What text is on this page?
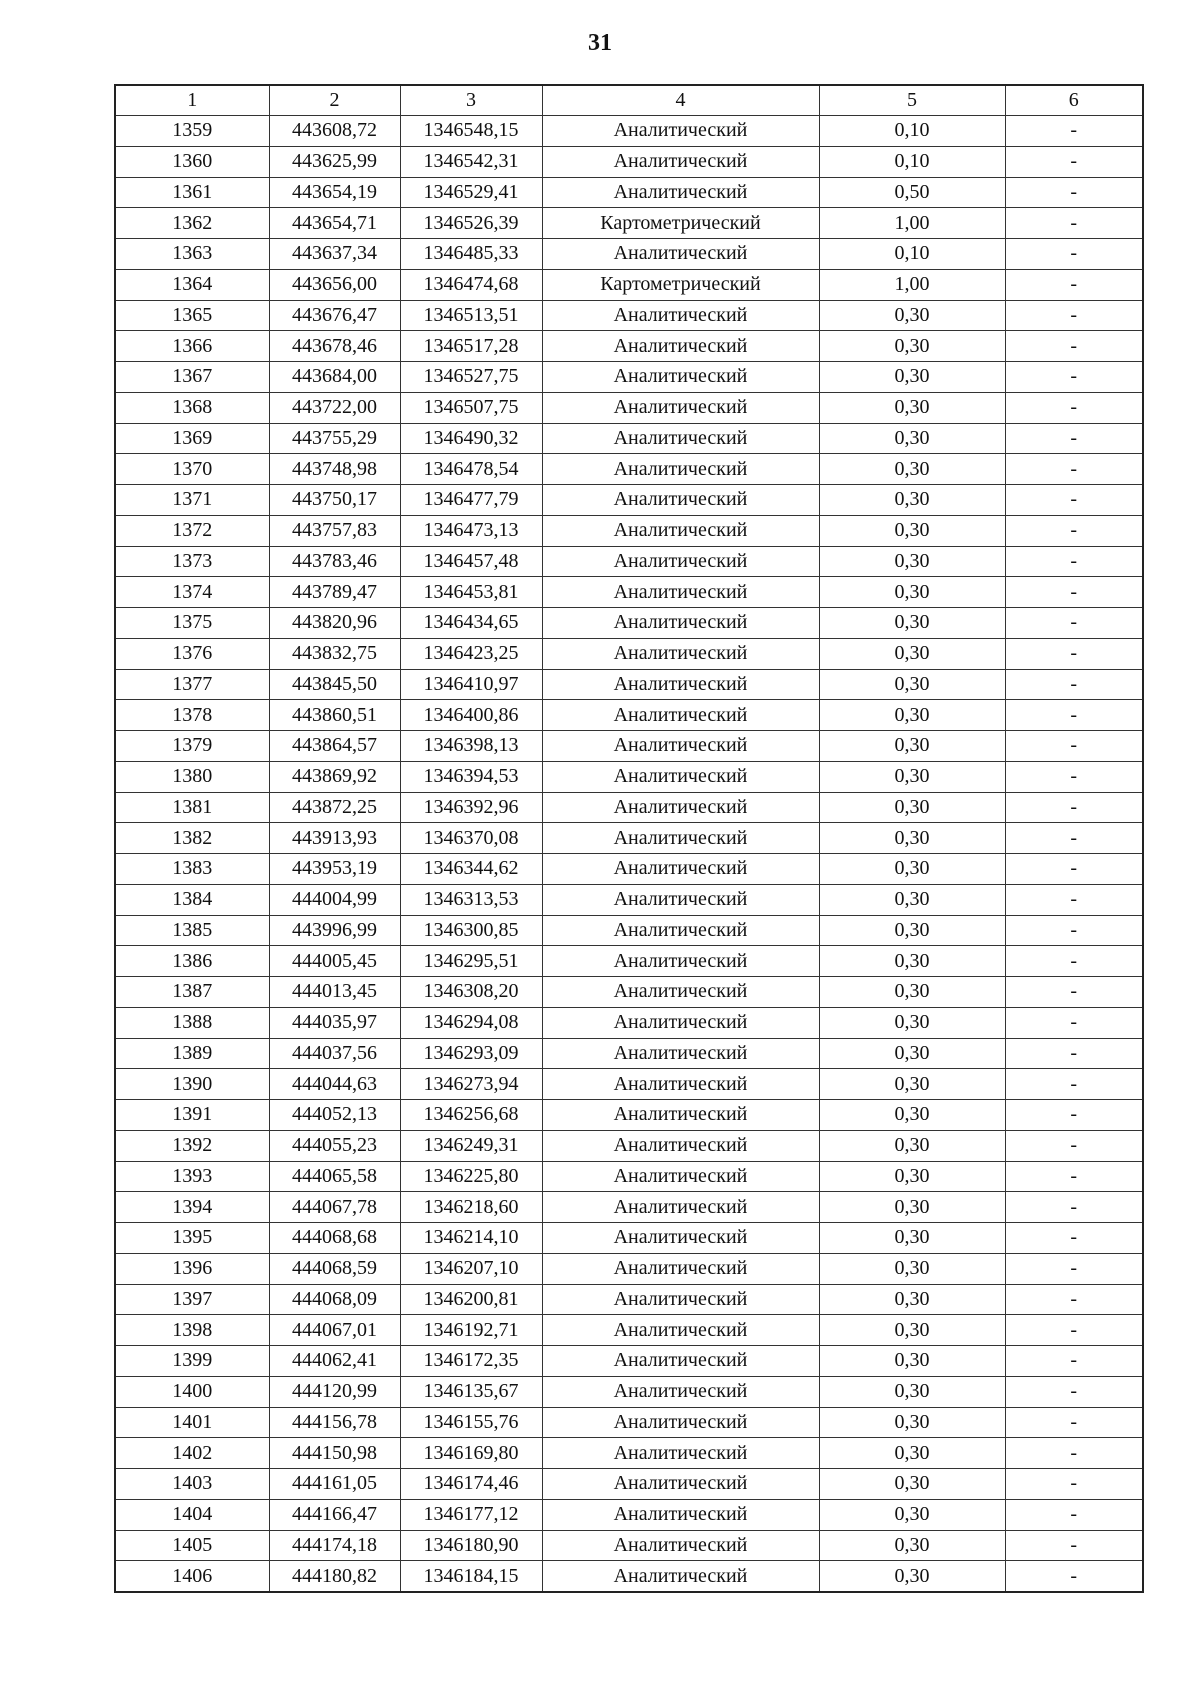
31
1	2	3	4	5	6
1359	443608,72	1346548,15	Аналитический	0,10	-
1360	443625,99	1346542,31	Аналитический	0,10	-
1361	443654,19	1346529,41	Аналитический	0,50	-
1362	443654,71	1346526,39	Картометрический	1,00	-
1363	443637,34	1346485,33	Аналитический	0,10	-
1364	443656,00	1346474,68	Картометрический	1,00	-
1365	443676,47	1346513,51	Аналитический	0,30	-
1366	443678,46	1346517,28	Аналитический	0,30	-
1367	443684,00	1346527,75	Аналитический	0,30	-
1368	443722,00	1346507,75	Аналитический	0,30	-
1369	443755,29	1346490,32	Аналитический	0,30	-
1370	443748,98	1346478,54	Аналитический	0,30	-
1371	443750,17	1346477,79	Аналитический	0,30	-
1372	443757,83	1346473,13	Аналитический	0,30	-
1373	443783,46	1346457,48	Аналитический	0,30	-
1374	443789,47	1346453,81	Аналитический	0,30	-
1375	443820,96	1346434,65	Аналитический	0,30	-
1376	443832,75	1346423,25	Аналитический	0,30	-
1377	443845,50	1346410,97	Аналитический	0,30	-
1378	443860,51	1346400,86	Аналитический	0,30	-
1379	443864,57	1346398,13	Аналитический	0,30	-
1380	443869,92	1346394,53	Аналитический	0,30	-
1381	443872,25	1346392,96	Аналитический	0,30	-
1382	443913,93	1346370,08	Аналитический	0,30	-
1383	443953,19	1346344,62	Аналитический	0,30	-
1384	444004,99	1346313,53	Аналитический	0,30	-
1385	443996,99	1346300,85	Аналитический	0,30	-
1386	444005,45	1346295,51	Аналитический	0,30	-
1387	444013,45	1346308,20	Аналитический	0,30	-
1388	444035,97	1346294,08	Аналитический	0,30	-
1389	444037,56	1346293,09	Аналитический	0,30	-
1390	444044,63	1346273,94	Аналитический	0,30	-
1391	444052,13	1346256,68	Аналитический	0,30	-
1392	444055,23	1346249,31	Аналитический	0,30	-
1393	444065,58	1346225,80	Аналитический	0,30	-
1394	444067,78	1346218,60	Аналитический	0,30	-
1395	444068,68	1346214,10	Аналитический	0,30	-
1396	444068,59	1346207,10	Аналитический	0,30	-
1397	444068,09	1346200,81	Аналитический	0,30	-
1398	444067,01	1346192,71	Аналитический	0,30	-
1399	444062,41	1346172,35	Аналитический	0,30	-
1400	444120,99	1346135,67	Аналитический	0,30	-
1401	444156,78	1346155,76	Аналитический	0,30	-
1402	444150,98	1346169,80	Аналитический	0,30	-
1403	444161,05	1346174,46	Аналитический	0,30	-
1404	444166,47	1346177,12	Аналитический	0,30	-
1405	444174,18	1346180,90	Аналитический	0,30	-
1406	444180,82	1346184,15	Аналитический	0,30	-
